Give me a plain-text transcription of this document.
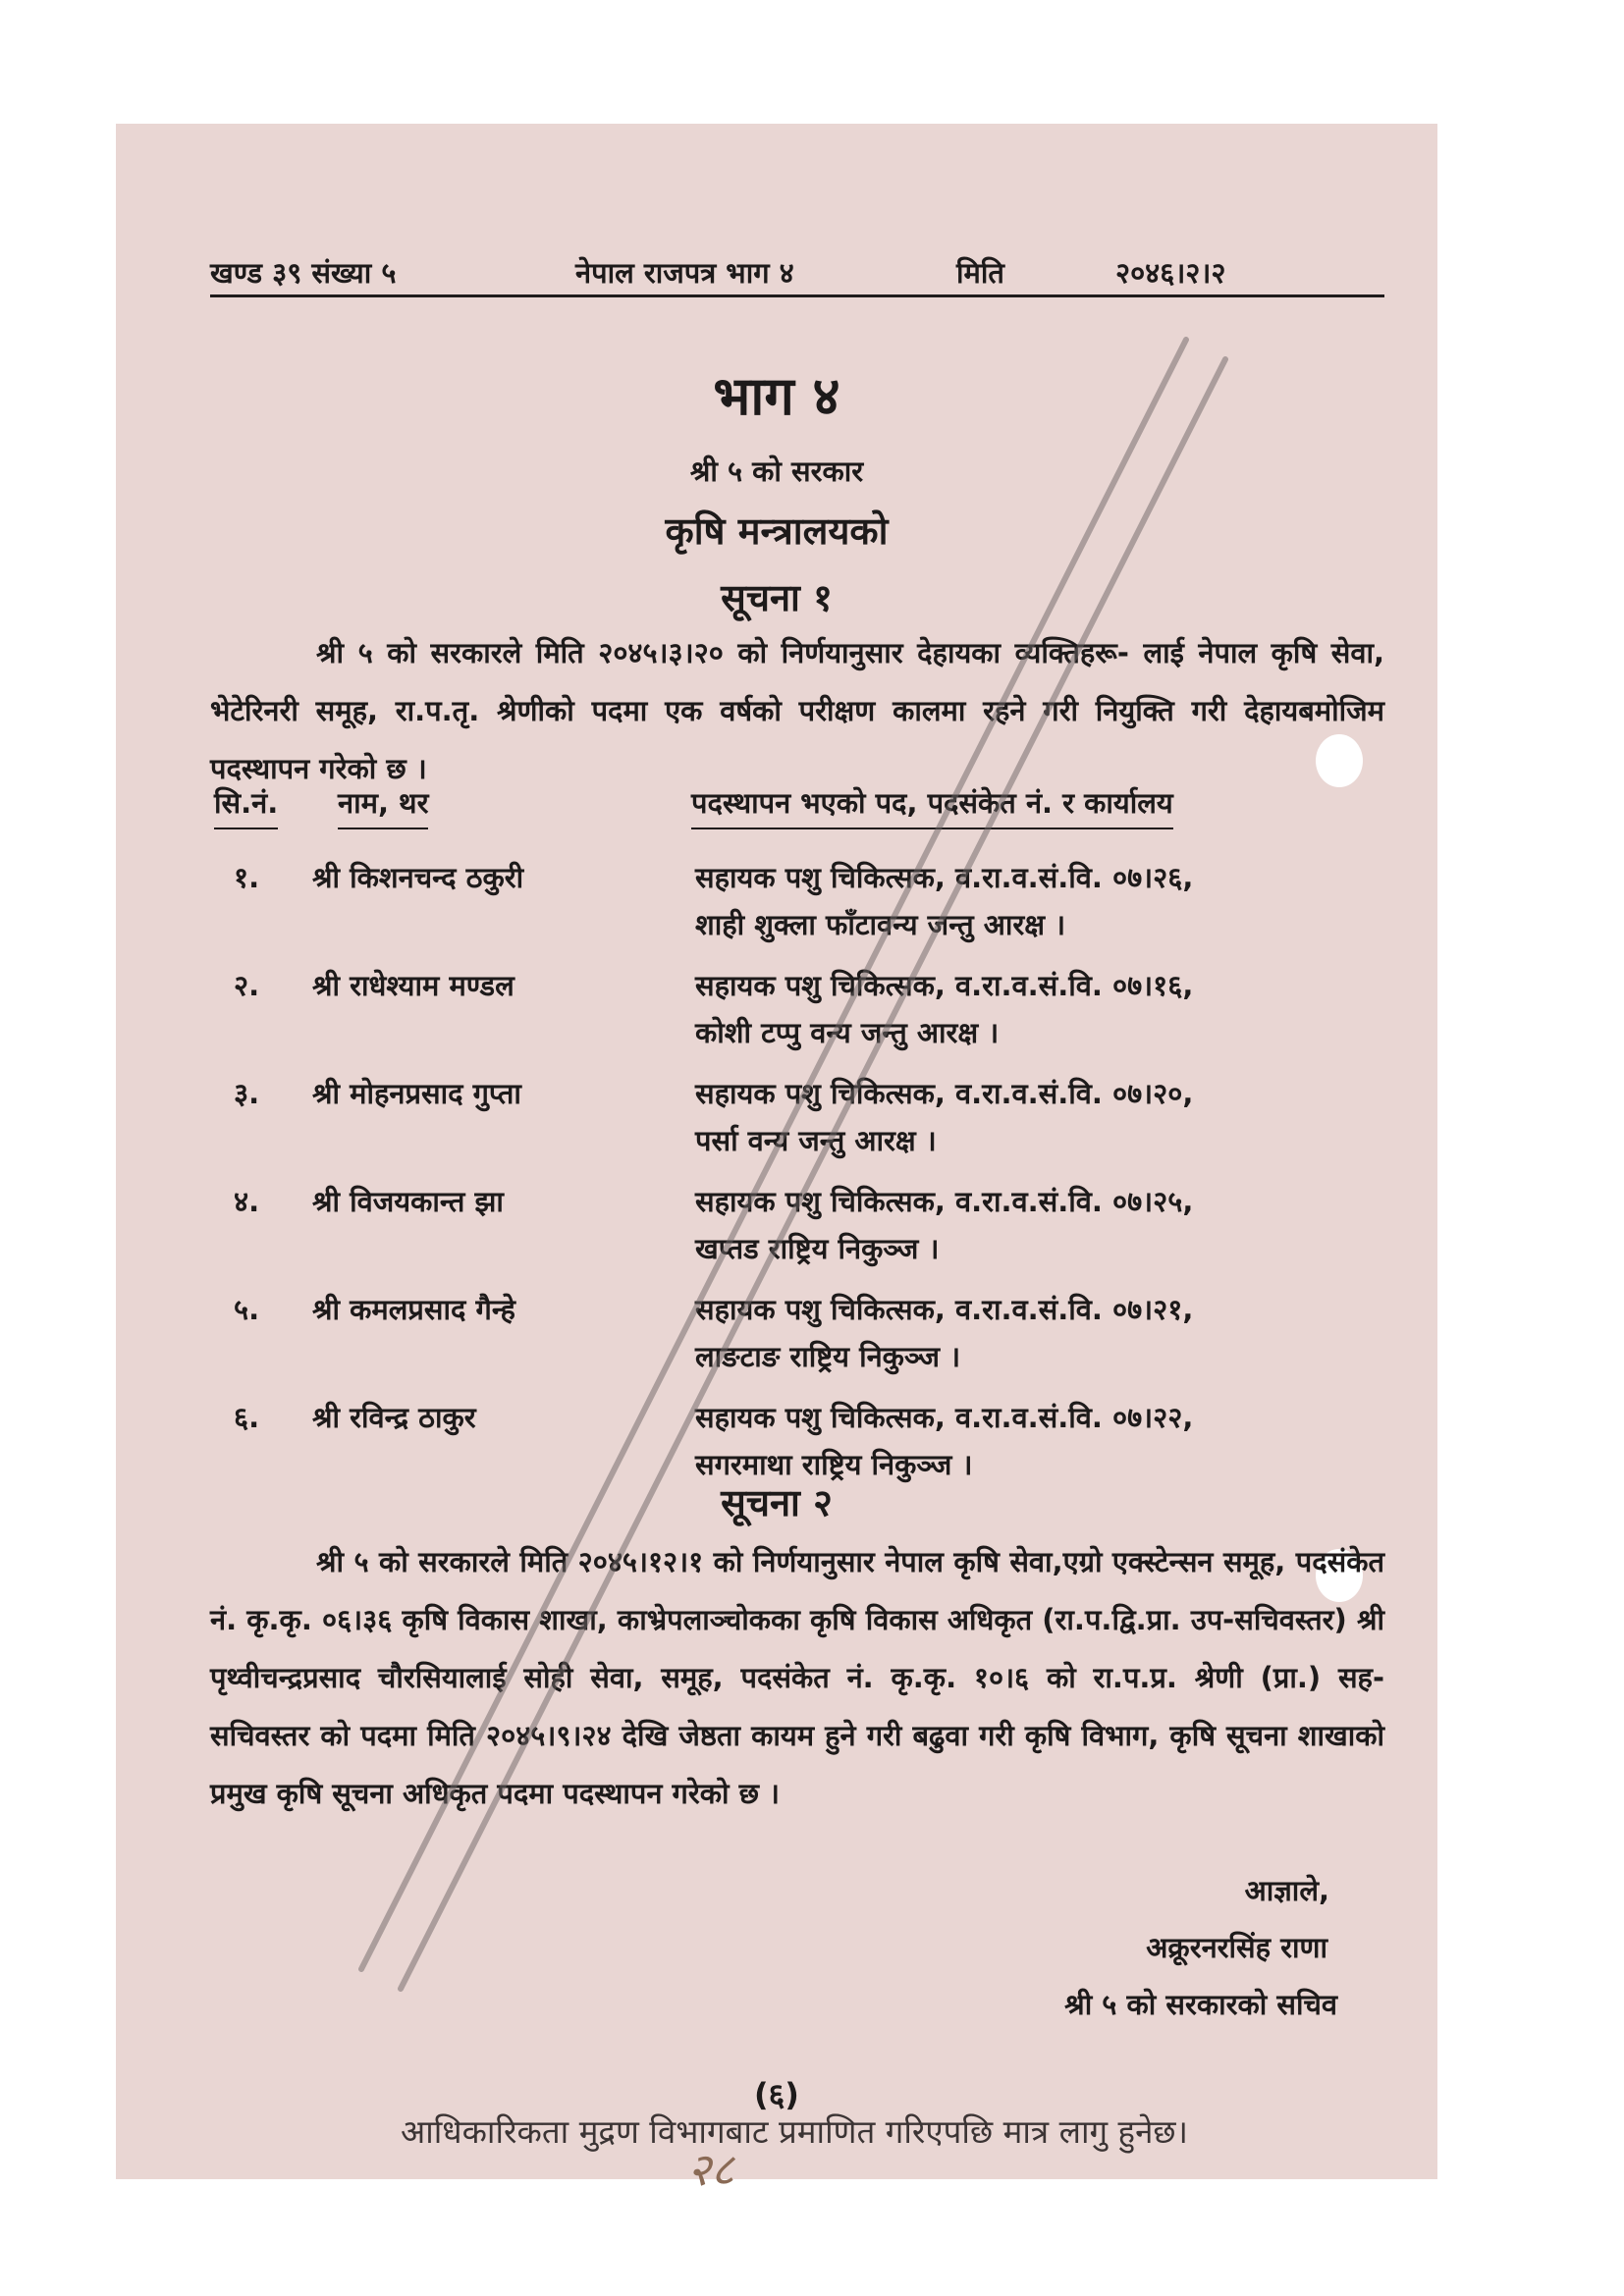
खण्ड ३९ संख्या ५	नेपाल राजपत्र भाग ४	मिति	२०४६।२।२
भाग ४
श्री ५ को सरकार
कृषि मन्त्रालयको
सूचना १

श्री ५ को सरकारले मिति २०४५।३।२० को निर्णयानुसार देहायका व्यक्तिहरू- लाई नेपाल कृषि सेवा, भेटेरिनरी समूह, रा.प.तृ. श्रेणीको पदमा एक वर्षको परीक्षण कालमा रहने गरी नियुक्ति गरी देहायबमोजिम पदस्थापन गरेको छ ।

सि.नं. नाम, थर	पदस्थापन भएको पद, पदसंकेत नं. र कार्यालय
१. श्री किशनचन्द ठकुरी	सहायक पशु चिकित्सक, व.रा.व.सं.वि. ०७।२६,
शाही शुक्ला फाँटावन्य जन्तु आरक्ष ।
२. श्री राधेश्याम मण्डल	सहायक पशु चिकित्सक, व.रा.व.सं.वि. ०७।१६,
कोशी टप्पु वन्य जन्तु आरक्ष ।
३. श्री मोहनप्रसाद गुप्ता	सहायक पशु चिकित्सक, व.रा.व.सं.वि. ०७।२०,
पर्सा वन्य जन्तु आरक्ष ।
४. श्री विजयकान्त झा	सहायक पशु चिकित्सक, व.रा.व.सं.वि. ०७।२५,
खप्तड राष्ट्रिय निकुञ्ज ।
५. श्री कमलप्रसाद गैन्हे	सहायक पशु चिकित्सक, व.रा.व.सं.वि. ०७।२१,
लाङटाङ राष्ट्रिय निकुञ्ज ।
६. श्री रविन्द्र ठाकुर	सहायक पशु चिकित्सक, व.रा.व.सं.वि. ०७।२२,
सगरमाथा राष्ट्रिय निकुञ्ज ।
सूचना २

श्री ५ को सरकारले मिति २०४५।१२।१ को निर्णयानुसार नेपाल कृषि सेवा,एग्रो एक्स्टेन्सन समूह, पदसंकेत नं. कृ.कृ. ०६।३६ कृषि विकास शाखा, काभ्रेपलाञ्चोकका कृषि विकास अधिकृत (रा.प.द्वि.प्रा. उप-सचिवस्तर) श्री पृथ्वीचन्द्रप्रसाद चौरसियालाई सोही सेवा, समूह, पदसंकेत नं. कृ.कृ. १०।६ को रा.प.प्र. श्रेणी (प्रा.) सह-सचिवस्तर को पदमा मिति २०४५।९।२४ देखि जेष्ठता कायम हुने गरी बढुवा गरी कृषि विभाग, कृषि सूचना शाखाको प्रमुख कृषि सूचना अधिकृत पदमा पदस्थापन गरेको छ ।

आज्ञाले,
अक्रूरनरसिंह राणा
श्री ५ को सरकारको सचिव
(६)
आधिकारिकता मुद्रण विभागबाट प्रमाणित गरिएपछि मात्र लागु हुनेछ।
२८
